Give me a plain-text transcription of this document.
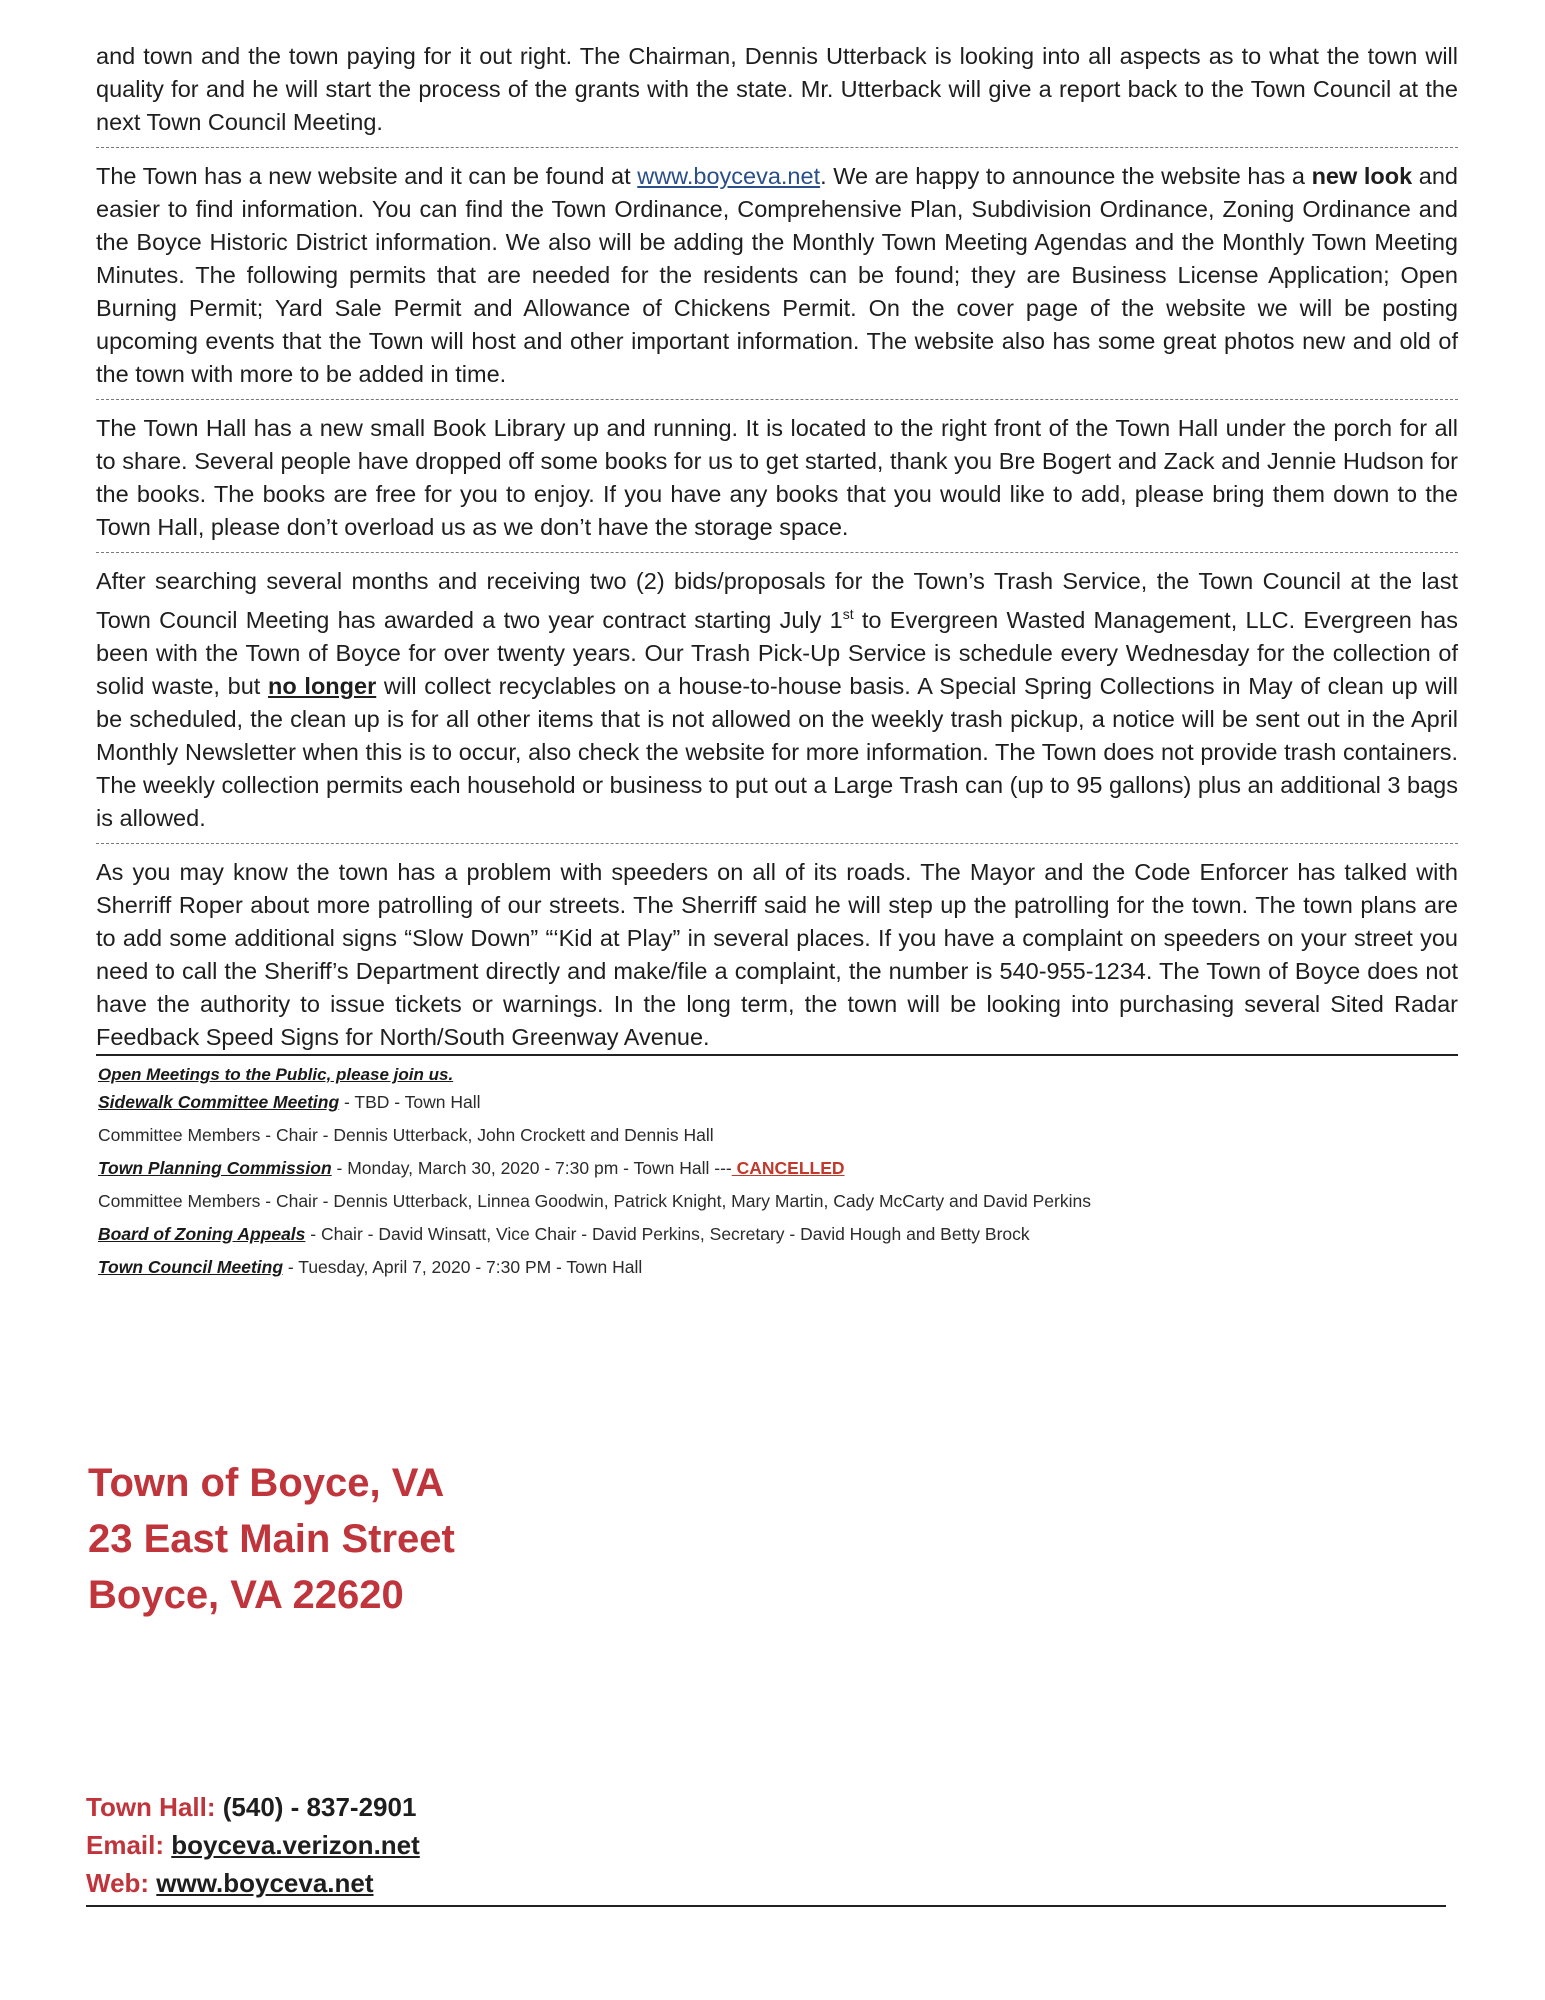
and town and the town paying for it out right. The Chairman, Dennis Utterback is looking into all aspects as to what the town will quality for and he will start the process of the grants with the state. Mr. Utterback will give a report back to the Town Council at the next Town Council Meeting.

The Town has a new website and it can be found at www.boyceva.net. We are happy to announce the website has a new look and easier to find information. You can find the Town Ordinance, Comprehensive Plan, Subdivision Ordinance, Zoning Ordinance and the Boyce Historic District information. We also will be adding the Monthly Town Meeting Agendas and the Monthly Town Meeting Minutes. The following permits that are needed for the residents can be found; they are Business License Application; Open Burning Permit; Yard Sale Permit and Allowance of Chickens Permit. On the cover page of the website we will be posting upcoming events that the Town will host and other important information. The website also has some great photos new and old of the town with more to be added in time.

The Town Hall has a new small Book Library up and running. It is located to the right front of the Town Hall under the porch for all to share. Several people have dropped off some books for us to get started, thank you Bre Bogert and Zack and Jennie Hudson for the books. The books are free for you to enjoy. If you have any books that you would like to add, please bring them down to the Town Hall, please don’t overload us as we don’t have the storage space.

After searching several months and receiving two (2) bids/proposals for the Town’s Trash Service, the Town Council at the last Town Council Meeting has awarded a two year contract starting July 1st to Evergreen Wasted Management, LLC. Evergreen has been with the Town of Boyce for over twenty years. Our Trash Pick-Up Service is schedule every Wednesday for the collection of solid waste, but no longer will collect recyclables on a house-to-house basis. A Special Spring Collections in May of clean up will be scheduled, the clean up is for all other items that is not allowed on the weekly trash pickup, a notice will be sent out in the April Monthly Newsletter when this is to occur, also check the website for more information. The Town does not provide trash containers. The weekly collection permits each household or business to put out a Large Trash can (up to 95 gallons) plus an additional 3 bags is allowed.

As you may know the town has a problem with speeders on all of its roads. The Mayor and the Code Enforcer has talked with Sherriff Roper about more patrolling of our streets. The Sherriff said he will step up the patrolling for the town. The town plans are to add some additional signs “Slow Down” “‘Kid at Play” in several places. If you have a complaint on speeders on your street you need to call the Sheriff’s Department directly and make/file a complaint, the number is 540-955-1234. The Town of Boyce does not have the authority to issue tickets or warnings. In the long term, the town will be looking into purchasing several Sited Radar Feedback Speed Signs for North/South Greenway Avenue.

Open Meetings to the Public, please join us.
Sidewalk Committee Meeting - TBD - Town Hall
Committee Members - Chair - Dennis Utterback, John Crockett and Dennis Hall
Town Planning Commission - Monday, March 30, 2020 - 7:30 pm - Town Hall --- CANCELLED
Committee Members - Chair - Dennis Utterback, Linnea Goodwin, Patrick Knight, Mary Martin, Cady McCarty and David Perkins
Board of Zoning Appeals - Chair - David Winsatt, Vice Chair - David Perkins, Secretary - David Hough and Betty Brock
Town Council Meeting - Tuesday, April 7, 2020 - 7:30 PM - Town Hall
Town of Boyce, VA
23 East Main Street
Boyce, VA 22620
Town Hall: (540) - 837-2901
Email: boyceva.verizon.net
Web: www.boyceva.net
